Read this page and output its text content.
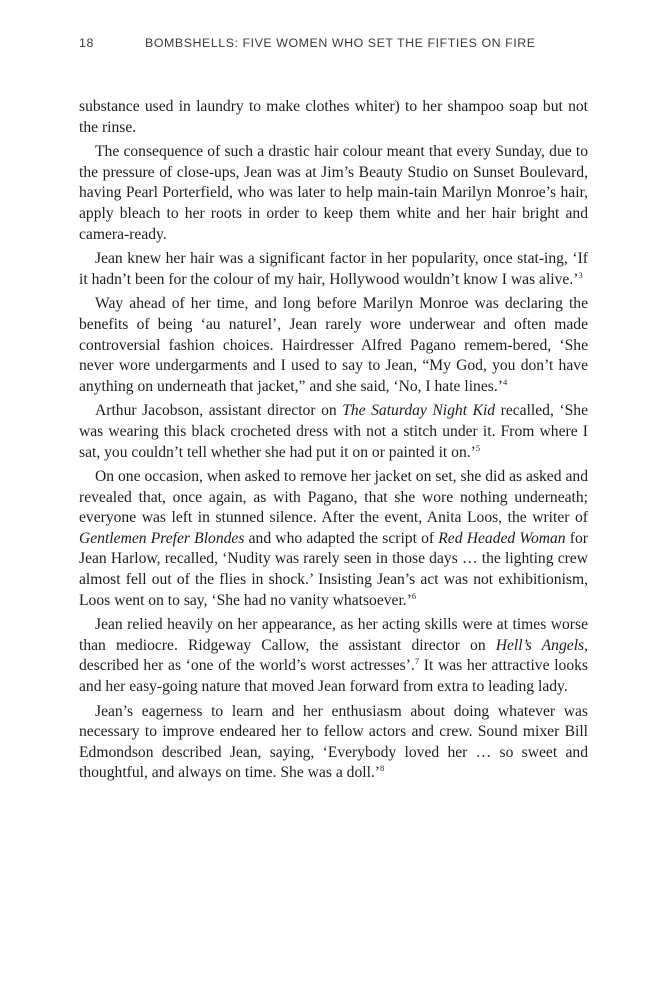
18	BOMBSHELLS: FIVE WOMEN WHO SET THE FIFTIES ON FIRE

substance used in laundry to make clothes whiter) to her shampoo soap but not the rinse.

The consequence of such a drastic hair colour meant that every Sunday, due to the pressure of close-ups, Jean was at Jim’s Beauty Studio on Sunset Boulevard, having Pearl Porterfield, who was later to help main-tain Marilyn Monroe’s hair, apply bleach to her roots in order to keep them white and her hair bright and camera-ready.

Jean knew her hair was a significant factor in her popularity, once stat-ing, ‘If it hadn’t been for the colour of my hair, Hollywood wouldn’t know I was alive.’$^3$

Way ahead of her time, and long before Marilyn Monroe was declaring the benefits of being ‘au naturel’, Jean rarely wore underwear and often made controversial fashion choices. Hairdresser Alfred Pagano remem-bered, ‘She never wore undergarments and I used to say to Jean, “My God, you don’t have anything on underneath that jacket,” and she said, ‘No, I hate lines.’$^4$

Arthur Jacobson, assistant director on The Saturday Night Kid recalled, ‘She was wearing this black crocheted dress with not a stitch under it. From where I sat, you couldn’t tell whether she had put it on or painted it on.’$^5$

On one occasion, when asked to remove her jacket on set, she did as asked and revealed that, once again, as with Pagano, that she wore nothing underneath; everyone was left in stunned silence. After the event, Anita Loos, the writer of Gentlemen Prefer Blondes and who adapted the script of Red Headed Woman for Jean Harlow, recalled, ‘Nudity was rarely seen in those days … the lighting crew almost fell out of the flies in shock.’ Insisting Jean’s act was not exhibitionism, Loos went on to say, ‘She had no vanity whatsoever.’$^6$

Jean relied heavily on her appearance, as her acting skills were at times worse than mediocre. Ridgeway Callow, the assistant director on Hell’s Angels, described her as ‘one of the world’s worst actresses’.$^7$ It was her attractive looks and her easy-going nature that moved Jean forward from extra to leading lady.

Jean’s eagerness to learn and her enthusiasm about doing whatever was necessary to improve endeared her to fellow actors and crew. Sound mixer Bill Edmondson described Jean, saying, ‘Everybody loved her … so sweet and thoughtful, and always on time. She was a doll.’$^8$
